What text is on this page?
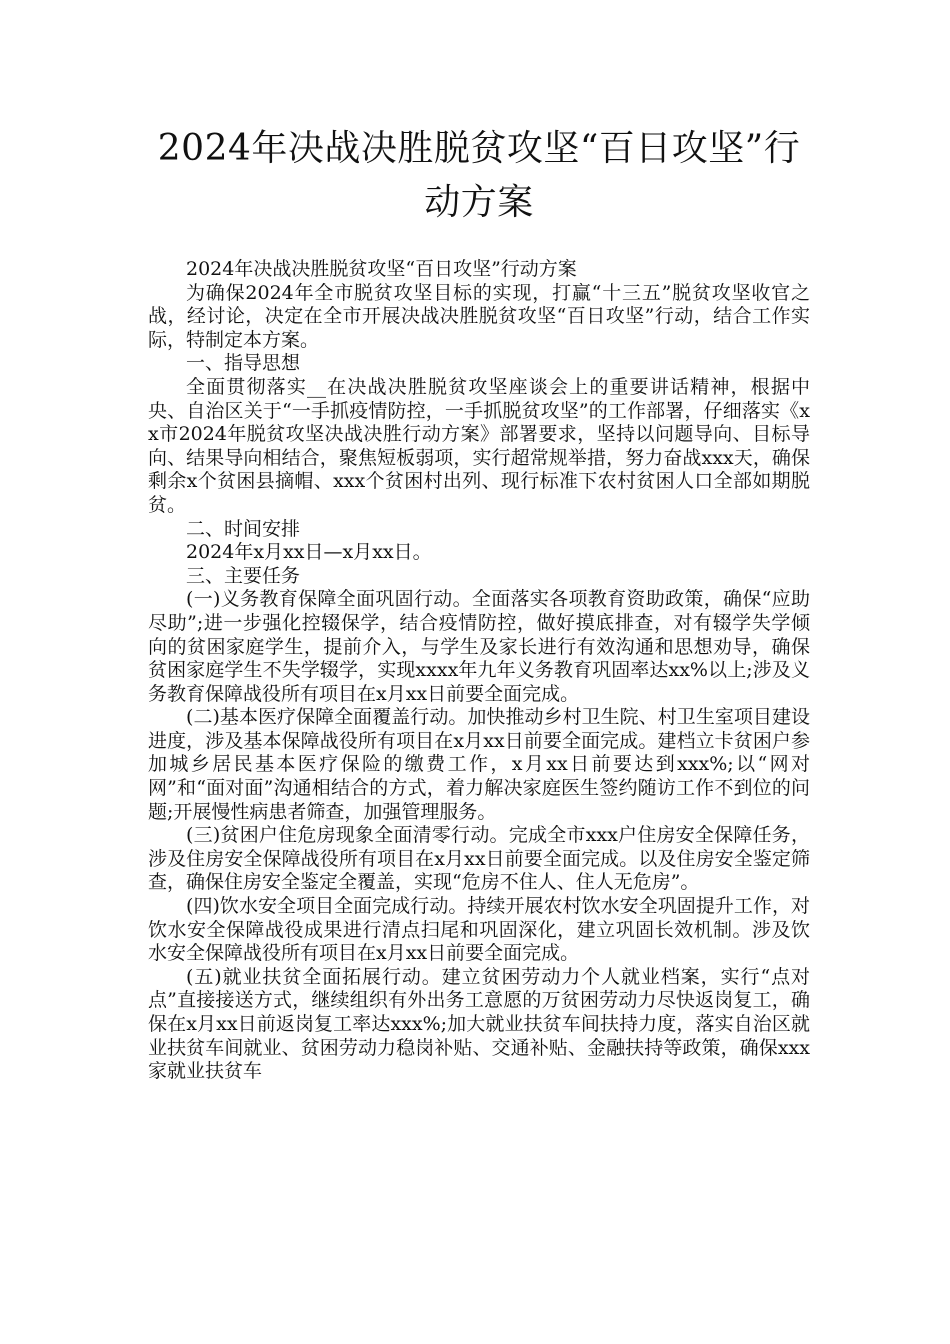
2024年决战决胜脱贫攻坚“百日攻坚”行动方案

2024年决战决胜脱贫攻坚“百日攻坚”行动方案

为确保2024年全市脱贫攻坚目标的实现，打赢“十三五”脱贫攻坚收官之战，经讨论，决定在全市开展决战决胜脱贫攻坚“百日攻坚”行动，结合工作实际，特制定本方案。

一、指导思想

全面贯彻落实__在决战决胜脱贫攻坚座谈会上的重要讲话精神，根据中央、自治区关于“一手抓疫情防控，一手抓脱贫攻坚”的工作部署，仔细落实《xx市2024年脱贫攻坚决战决胜行动方案》部署要求，坚持以问题导向、目标导向、结果导向相结合，聚焦短板弱项，实行超常规举措，努力奋战xxx天，确保剩余x个贫困县摘帽、xxx个贫困村出列、现行标准下农村贫困人口全部如期脱贫。

二、时间安排

2024年x月xx日—x月xx日。

三、主要任务

(一)义务教育保障全面巩固行动。全面落实各项教育资助政策，确保“应助尽助”;进一步强化控辍保学，结合疫情防控，做好摸底排查，对有辍学失学倾向的贫困家庭学生，提前介入，与学生及家长进行有效沟通和思想劝导，确保贫困家庭学生不失学辍学，实现xxxx年九年义务教育巩固率达xx%以上;涉及义务教育保障战役所有项目在x月xx日前要全面完成。

(二)基本医疗保障全面覆盖行动。加快推动乡村卫生院、村卫生室项目建设进度，涉及基本保障战役所有项目在x月xx日前要全面完成。建档立卡贫困户参加城乡居民基本医疗保险的缴费工作，x月xx日前要达到xxx%;以“网对网”和“面对面”沟通相结合的方式，着力解决家庭医生签约随访工作不到位的问题;开展慢性病患者筛查，加强管理服务。

(三)贫困户住危房现象全面清零行动。完成全市xxx户住房安全保障任务，涉及住房安全保障战役所有项目在x月xx日前要全面完成。以及住房安全鉴定筛查，确保住房安全鉴定全覆盖，实现“危房不住人、住人无危房”。

(四)饮水安全项目全面完成行动。持续开展农村饮水安全巩固提升工作，对饮水安全保障战役成果进行清点扫尾和巩固深化，建立巩固长效机制。涉及饮水安全保障战役所有项目在x月xx日前要全面完成。

(五)就业扶贫全面拓展行动。建立贫困劳动力个人就业档案，实行“点对点”直接接送方式，继续组织有外出务工意愿的万贫困劳动力尽快返岗复工，确保在x月xx日前返岗复工率达xxx%;加大就业扶贫车间扶持力度，落实自治区就业扶贫车间就业、贫困劳动力稳岗补贴、交通补贴、金融扶持等政策，确保xxx家就业扶贫车
